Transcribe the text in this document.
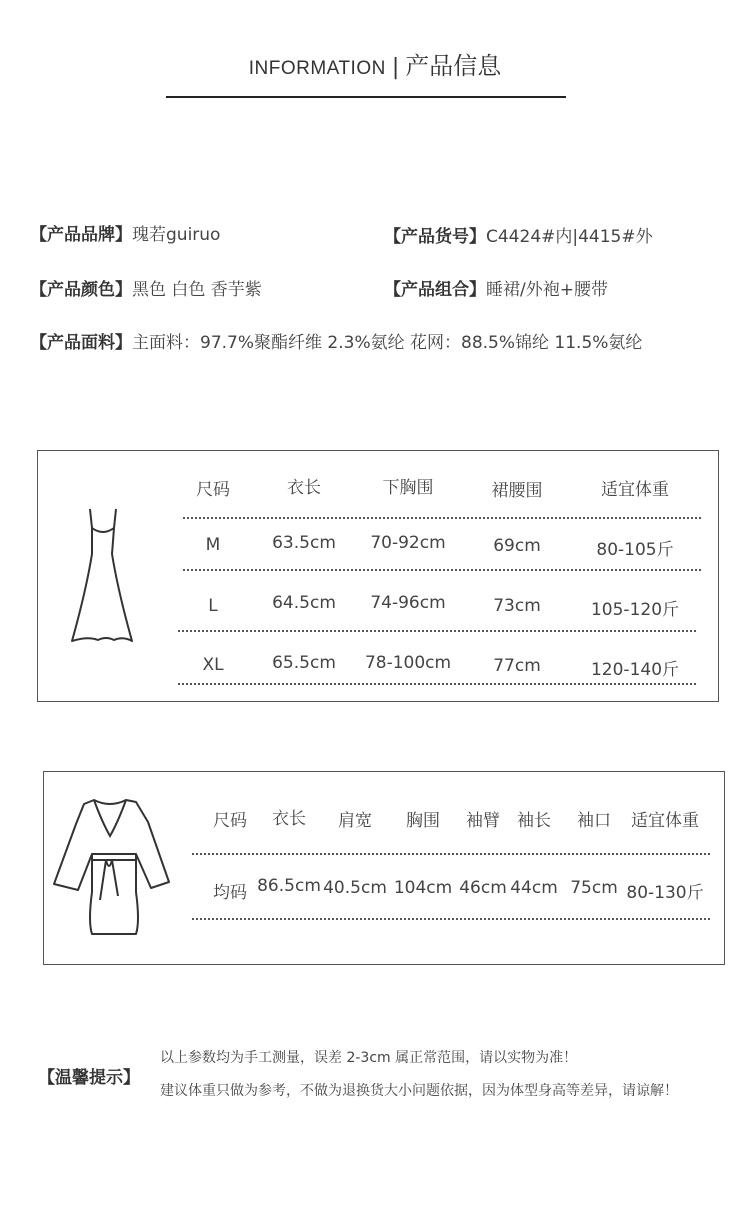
INFORMATION | 产品信息
【产品品牌】瑰若guiruo	【产品货号】C4424#内|4415#外
【产品颜色】黑色 白色 香芋紫	【产品组合】睡裙/外袍+腰带
【产品面料】主面料：97.7%聚酯纤维 2.3%氨纶 花网：88.5%锦纶 11.5%氨纶
尺码	衣长	下胸围	裙腰围	适宜体重
M	63.5cm 70-92cm	69cm	80-105斤
L	64.5cm 74-96cm	73cm	105-120斤
XL	65.5cm 78-100cm 77cm	120-140斤
尺码 衣长 肩宽 胸围 袖臂 袖长 袖口 适宜体重
均码 86.5cm 40.5cm 104cm 46cm 44cm 75cm 80-130斤
【温馨提示】
以上参数均为手工测量，误差 2-3cm 属正常范围，请以实物为准！
建议体重只做为参考，不做为退换货大小问题依据，因为体型身高等差异，请谅解！
